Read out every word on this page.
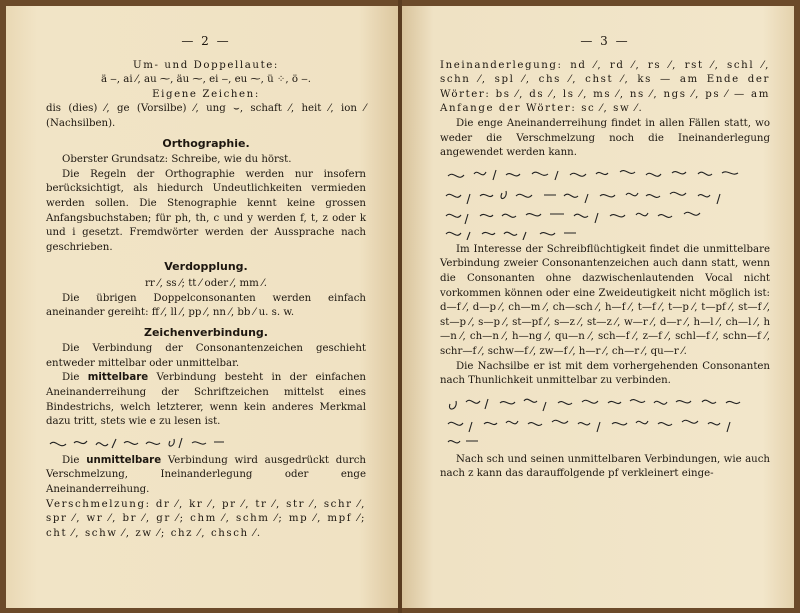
— 2 —
Um- und Doppellaute:
ä ‒, ai ⁄, au ⁓, äu ⁓, ei ‒, eu ⁓, ü ⁘, ö ‒.
Eigene Zeichen:

dis (dies) ⁄, ge (Vorsilbe) ⁄, ung ⌣, schaft ⁄, heit ⁄, ion ⁄ (Nachsilben).

Orthographie.

Oberster Grundsatz: Schreibe, wie du hörst.

Die Regeln der Orthographie werden nur insofern berücksichtigt, als hiedurch Undeutlichkeiten vermieden werden sollen. Die Stenographie kennt keine grossen Anfangsbuchstaben; für ph, th, c und y werden f, t, z oder k und i gesetzt. Fremdwörter werden der Aussprache nach geschrieben.

Verdopplung.
rr ⁄, ss ⁄; tt ⁄ oder ⁄, mm ⁄.

Die übrigen Doppelconsonanten werden einfach aneinander gereiht: ff ⁄, ll ⁄, pp ⁄, nn ⁄, bb ⁄ u. s. w.

Zeichenverbindung.

Die Verbindung der Consonantenzeichen geschieht entweder mittelbar oder unmittelbar.

Die mittelbare Verbindung besteht in der einfachen Aneinanderreihung der Schriftzeichen mittelst eines Bindestrichs, welch letzterer, wenn kein anderes Merkmal dazu tritt, stets wie e zu lesen ist.

Die unmittelbare Verbindung wird ausgedrückt durch Verschmelzung, Ineinanderlegung oder enge Aneinanderreihung.

Verschmelzung: dr ⁄, kr ⁄, pr ⁄, tr ⁄, str ⁄, schr ⁄, spr ⁄, wr ⁄, br ⁄, gr ⁄; chm ⁄, schm ⁄; mp ⁄, mpf ⁄; cht ⁄, schw ⁄, zw ⁄; chz ⁄, chsch ⁄.

— 3 —

Ineinanderlegung: nd ⁄, rd ⁄, rs ⁄, rst ⁄, schl ⁄, schn ⁄, spl ⁄, chs ⁄, chst ⁄, ks — am Ende der Wörter: bs ⁄, ds ⁄, ls ⁄, ms ⁄, ns ⁄, ngs ⁄, ps ⁄ — am Anfange der Wörter: sc ⁄, sw ⁄.

Die enge Aneinanderreihung findet in allen Fällen statt, wo weder die Verschmelzung noch die Ineinanderlegung angewendet werden kann.

Im Interesse der Schreibflüchtigkeit findet die unmittelbare Verbindung zweier Consonantenzeichen auch dann statt, wenn die Consonanten ohne dazwischenlautenden Vocal nicht vorkommen können oder eine Zweideutigkeit nicht möglich ist: d—f ⁄, d—p ⁄, ch—m ⁄, ch—sch ⁄, h—f ⁄, t—f ⁄, t—p ⁄, t—pf ⁄, st—f ⁄, st—p ⁄, s—p ⁄, st—pf ⁄, s—z ⁄, st—z ⁄, w—r ⁄, d—r ⁄, h—l ⁄, ch—l ⁄, h—n ⁄, ch—n ⁄, h—ng ⁄, qu—n ⁄, sch—f ⁄, z—f ⁄, schl—f ⁄, schn—f ⁄, schr—f ⁄, schw—f ⁄, zw—f ⁄, h—r ⁄, ch—r ⁄, qu—r ⁄.

Die Nachsilbe er ist mit dem vorhergehenden Consonanten nach Thunlichkeit unmittelbar zu verbinden.

Nach sch und seinen unmittelbaren Verbindungen, wie auch nach z kann das darauffolgende pf verkleinert einge-
